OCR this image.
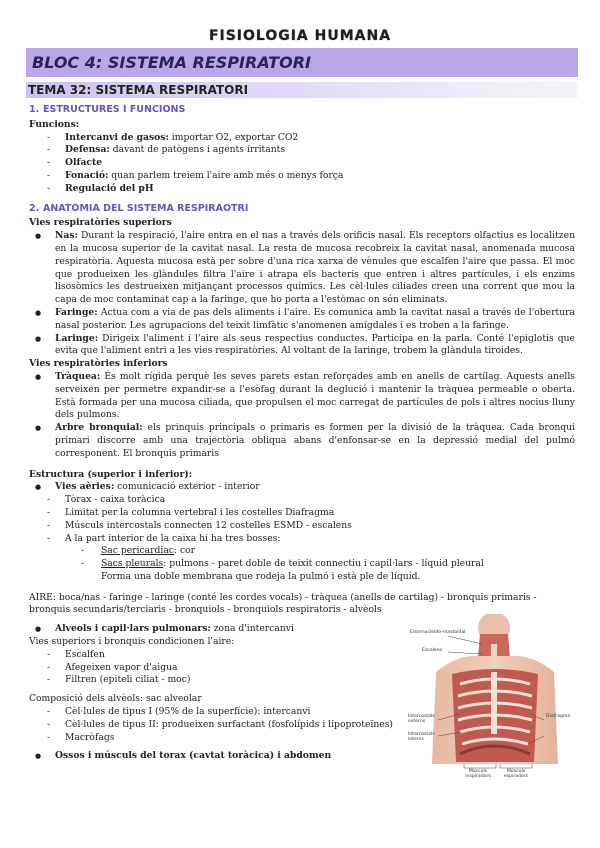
FISIOLOGIA HUMANA
BLOC 4: SISTEMA RESPIRATORI
TEMA 32: SISTEMA RESPIRATORI
1. ESTRUCTURES I FUNCIONS
Funcions:
- Intercanvi de gasos: importar O2, exportar CO2
- Defensa: davant de patògens i agents irritants
- Olfacte
- Fonació: quan parlem treiem l'aire amb més o menys força
- Regulació del pH
2. ANATOMIA DEL SISTEMA RESPIRAOTRI
Vies respiratòries superiors
● Nas: Durant la respiració, l'aire entra en el nas a través dels orificis nasal. Els receptors olfactius es localitzen en la mucosa superior de la cavitat nasal. La resta de mucosa recobreix la cavitat nasal, anomenada mucosa respiratòria. Aquesta mucosa està per sobre d'una rica xarxa de vènules que escalfen l'aire que passa. El moc que produeixen les glàndules filtra l'aire i atrapa els bacteris que entren i altres partícules, i els enzims lisosòmics les destrueixen mitjançant processos químics. Les cèl·lules ciliades creen una corrent que mou la capa de moc contaminat cap a la faringe, que ho porta a l'estòmac on són eliminats.
● Faringe: Actua com a via de pas dels aliments i l'aire. Es comunica amb la cavitat nasal a través de l'obertura nasal posterior. Les agrupacions del teixit limfàtic s'anomenen amígdales i es troben a la faringe.
● Laringe: Dirigeix l'aliment i l'aire als seus respectius conductes. Participa en la parla. Conté l'epiglotis que evita que l'aliment entri a les vies respiratòries. Al voltant de la laringe, trobem la glàndula tiroides.
Vies respiratòries inferiors
● Tràquea: És molt rígida perquè les seves parets estan reforçades amb en anells de cartílag. Aquests anells serveixen per permetre expandir-se a l'esòfag durant la deglució i mantenir la tràquea permeable o oberta. Està formada per una mucosa ciliada, que propulsen el moc carregat de partícules de pols i altres nocius lluny dels pulmons.
● Arbre bronquial: els prinquis principals o primaris es formen per la divisió de la tràquea. Cada bronqui primari discorre amb una trajectòria obliqua abans d'enfonsar-se en la depressió medial del pulmó corresponent. El bronquis primaris
Estructura (superior i inferior):
● Vies aèries: comunicació exterior - interior
- Tòrax - caixa toràcica
- Limitat per la columna vertebral i les costelles Diafragma
- Músculs intercostals connecten 12 costelles ESMD - escalens
- A la part interior de la caixa hi ha tres bosses:
- Sac pericardiac: cor
- Sacs pleurals: pulmons - paret doble de teixit connectiu i capil·lars - líquid pleural
Forma una doble membrana que rodeja la pulmó i està ple de líquid.
AIRE: boca/nas - faringe - laringe (conté les cordes vocals) - tràquea (anells de cartilag) - bronquis primaris - bronquis secundaris/terciaris - bronquiols - bronquiols respiratoris - alvèols
● Alveols i capil·lars pulmonars: zona d'intercanvi
Vies superiors i bronquis condicionen l'aire:
- Escalfen
- Afegeixen vapor d'aigua
- Filtren (epiteli ciliat - moc)
Composició dels alvèols: sac alveolar
- Cèl·lules de tipus I (95% de la superfície): intercanvi
- Cèl·lules de tipus II: produeixen surfactant (fosfolípids i lipoproteïnes)
- Macròfags
● Ossos i músculs del torax (cavtat toràcica) i abdomen
Esternocleïdo-mastoïdal
Escalens
Intercostals externs
Intercostals interns
Diafragma
Músculs inspiradors
Músculs espiradors
